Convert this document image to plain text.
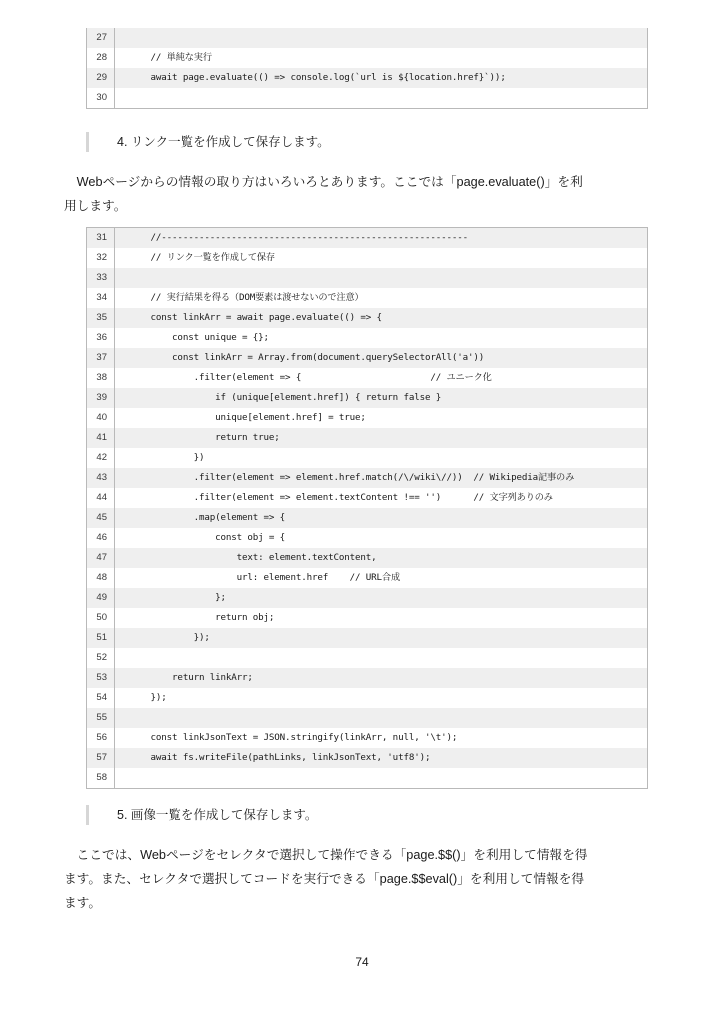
27
28	// 単純な実行
29	await page.evaluate(() => console.log(`url is ${location.href}`));
30
4. リンク一覧を作成して保存します。
　Webページからの情報の取り方はいろいろとあります。ここでは「page.evaluate()」を利
用します。
31	//---------------------------------------------------------
32	// リンク一覧を作成して保存
33
34	// 実行結果を得る（DOM要素は渡せないので注意）
35	const linkArr = await page.evaluate(() => {
36	const unique = {};
37	const linkArr = Array.from(document.querySelectorAll('a'))
38	.filter(element => {                        // ユニーク化
39	if (unique[element.href]) { return false }
40	unique[element.href] = true;
41	return true;
42	})
43	.filter(element => element.href.match(/\/wiki\//))  // Wikipedia記事のみ
44	.filter(element => element.textContent !== '')      // 文字列ありのみ
45	.map(element => {
46	const obj = {
47	text: element.textContent,
48	url: element.href    // URL合成
49	};
50	return obj;
51	});
52
53	return linkArr;
54	});
55
56	const linkJsonText = JSON.stringify(linkArr, null, '\t');
57	await fs.writeFile(pathLinks, linkJsonText, 'utf8');
58
5. 画像一覧を作成して保存します。
　ここでは、Webページをセレクタで選択して操作できる「page.$$()」を利用して情報を得
ます。また、セレクタで選択してコードを実行できる「page.$$eval()」を利用して情報を得
ます。
74
